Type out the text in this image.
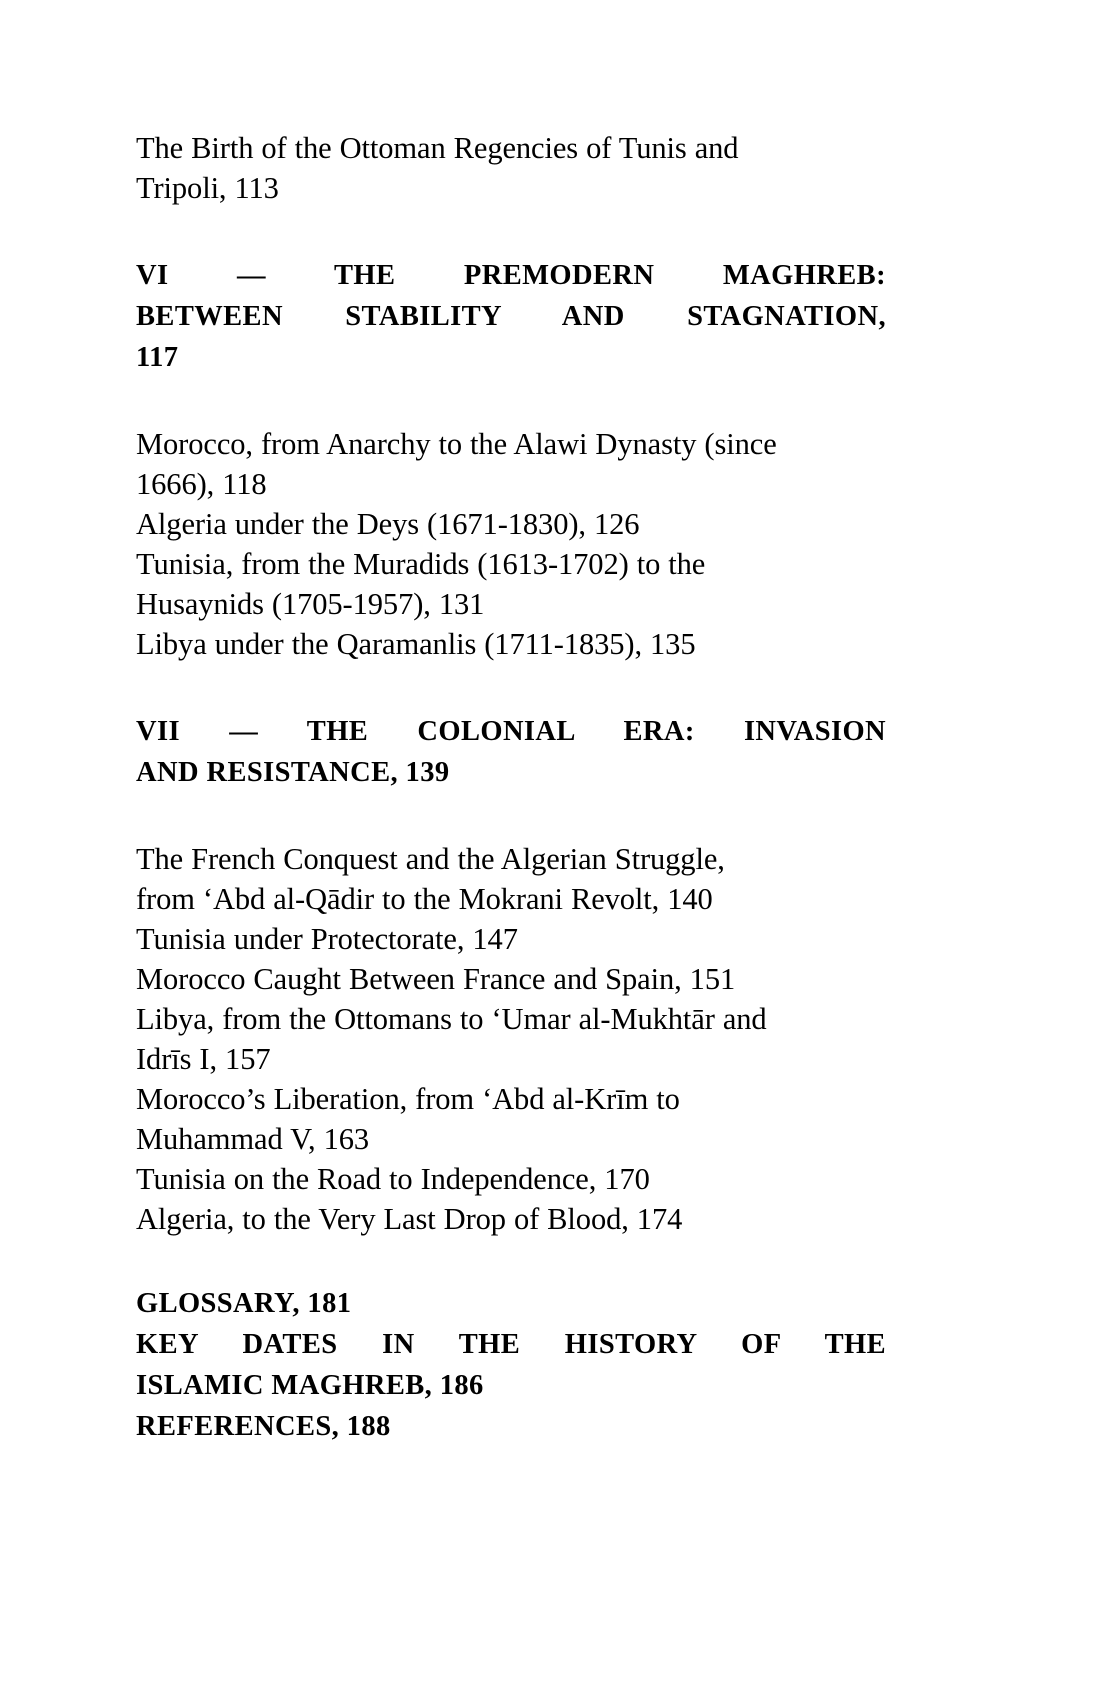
The Birth of the Ottoman Regencies of Tunis and
Tripoli, 113
VI — THE PREMODERN MAGHREB:
BETWEEN STABILITY AND STAGNATION,
117
Morocco, from Anarchy to the Alawi Dynasty (since
1666), 118
Algeria under the Deys (1671-1830), 126
Tunisia, from the Muradids (1613-1702) to the
Husaynids (1705-1957), 131
Libya under the Qaramanlis (1711-1835), 135
VII — THE COLONIAL ERA: INVASION
AND RESISTANCE, 139
The French Conquest and the Algerian Struggle,
from ʻAbd al-Qādir to the Mokrani Revolt, 140
Tunisia under Protectorate, 147
Morocco Caught Between France and Spain, 151
Libya, from the Ottomans to ʻUmar al-Mukhtār and
Idrīs I, 157
Morocco’s Liberation, from ʻAbd al-Krīm to
Muhammad V, 163
Tunisia on the Road to Independence, 170
Algeria, to the Very Last Drop of Blood, 174
GLOSSARY, 181
KEY DATES IN THE HISTORY OF THE
ISLAMIC MAGHREB, 186
REFERENCES, 188
